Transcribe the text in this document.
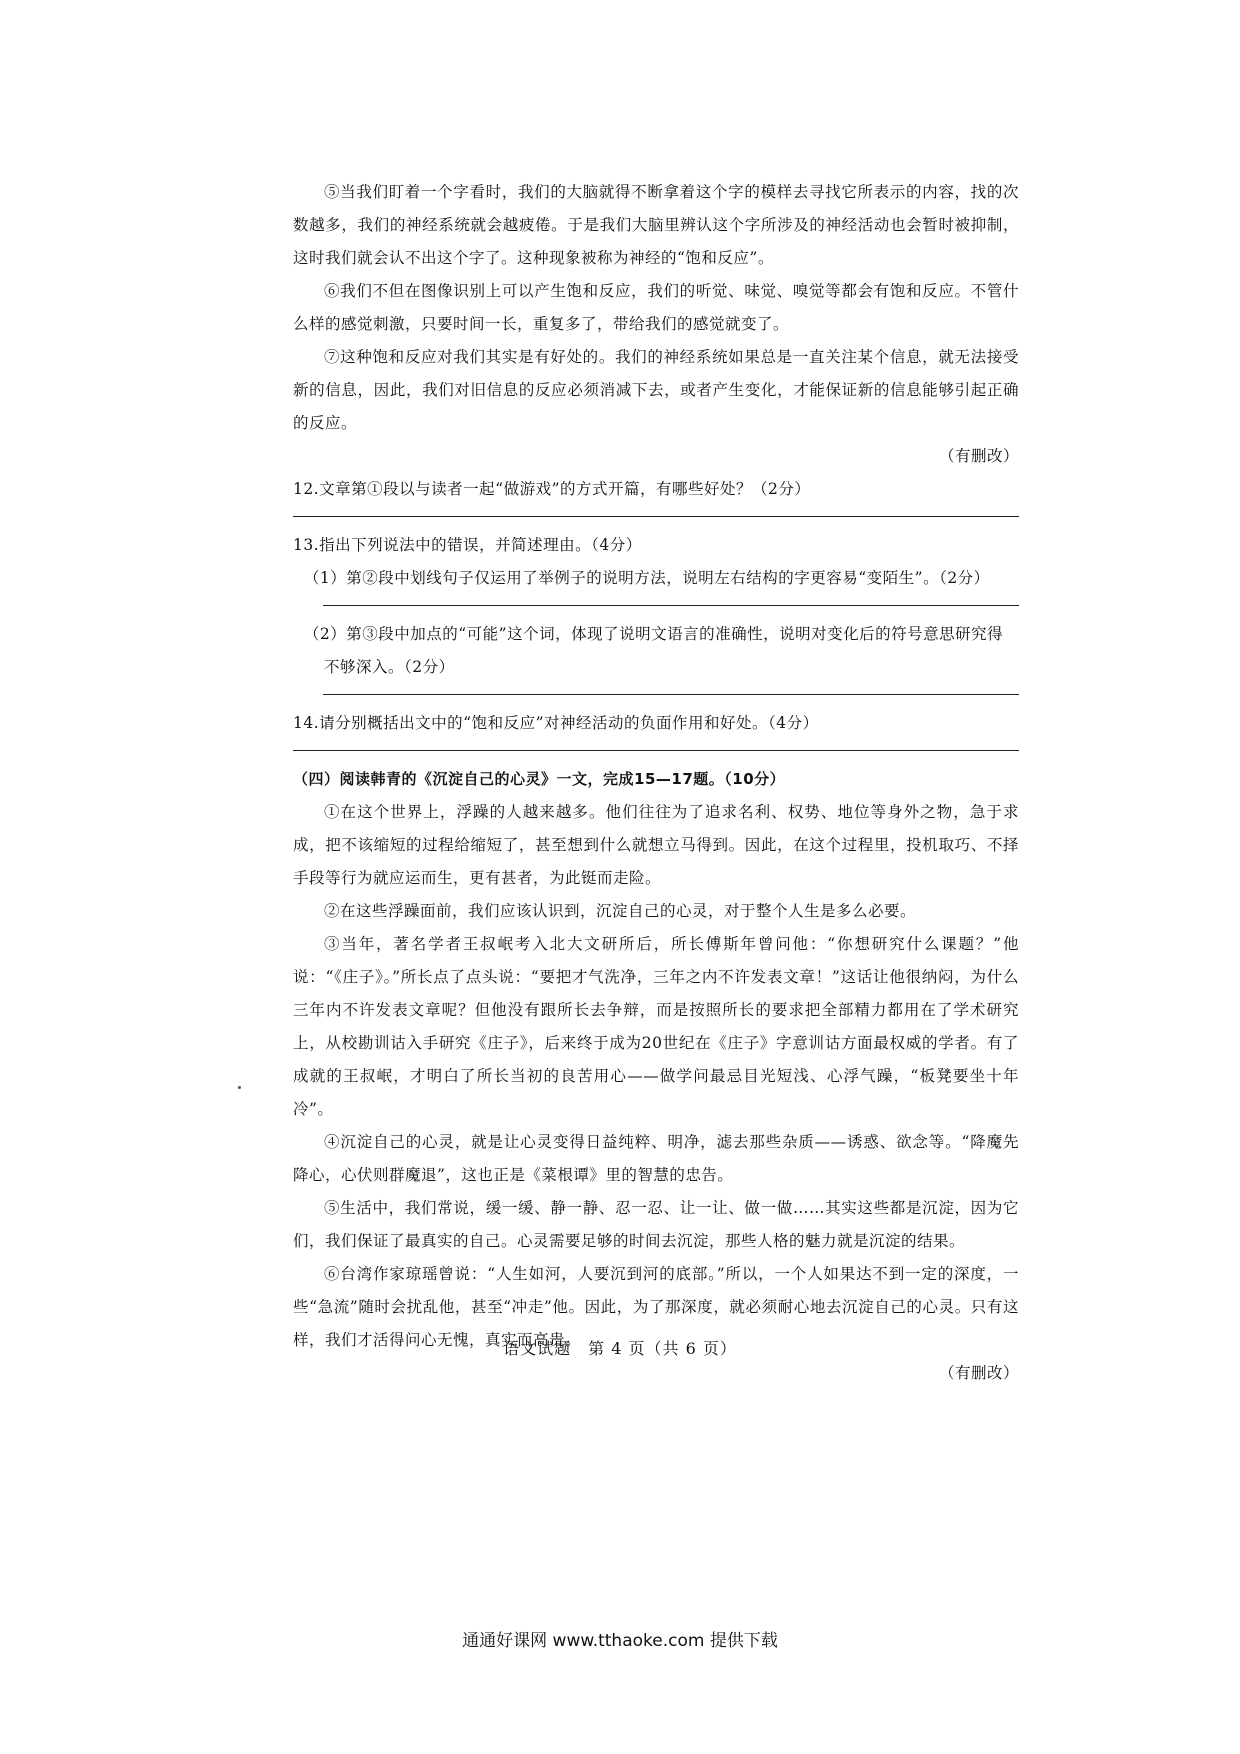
⑤当我们盯着一个字看时，我们的大脑就得不断拿着这个字的模样去寻找它所表示的内容，找的次数越多，我们的神经系统就会越疲倦。于是我们大脑里辨认这个字所涉及的神经活动也会暂时被抑制，这时我们就会认不出这个字了。这种现象被称为神经的“饱和反应”。

⑥我们不但在图像识别上可以产生饱和反应，我们的听觉、味觉、嗅觉等都会有饱和反应。不管什么样的感觉刺激，只要时间一长，重复多了，带给我们的感觉就变了。

⑦这种饱和反应对我们其实是有好处的。我们的神经系统如果总是一直关注某个信息，就无法接受新的信息，因此，我们对旧信息的反应必须消减下去，或者产生变化，才能保证新的信息能够引起正确的反应。

（有删改）

12.文章第①段以与读者一起“做游戏”的方式开篇，有哪些好处？（2分）

13.指出下列说法中的错误，并简述理由。（4分）

（1）第②段中划线句子仅运用了举例子的说明方法，说明左右结构的字更容易“变陌生”。（2分）

（2）第③段中加点的“可能”这个词，体现了说明文语言的准确性，说明对变化后的符号意思研究得不够深入。（2分）

14.请分别概括出文中的“饱和反应”对神经活动的负面作用和好处。（4分）

（四）阅读韩青的《沉淀自己的心灵》一文，完成15—17题。（10分）

①在这个世界上，浮躁的人越来越多。他们往往为了追求名利、权势、地位等身外之物，急于求成，把不该缩短的过程给缩短了，甚至想到什么就想立马得到。因此，在这个过程里，投机取巧、不择手段等行为就应运而生，更有甚者，为此铤而走险。

②在这些浮躁面前，我们应该认识到，沉淀自己的心灵，对于整个人生是多么必要。

③当年，著名学者王叔岷考入北大文研所后，所长傅斯年曾问他：“你想研究什么课题？”他说：“《庄子》。”所长点了点头说：“要把才气洗净，三年之内不许发表文章！”这话让他很纳闷，为什么三年内不许发表文章呢？但他没有跟所长去争辩，而是按照所长的要求把全部精力都用在了学术研究上，从校勘训诂入手研究《庄子》，后来终于成为20世纪在《庄子》字意训诂方面最权威的学者。有了成就的王叔岷，才明白了所长当初的良苦用心——做学问最忌目光短浅、心浮气躁，“板凳要坐十年冷”。

④沉淀自己的心灵，就是让心灵变得日益纯粹、明净，滤去那些杂质——诱惑、欲念等。“降魔先降心，心伏则群魔退”，这也正是《菜根谭》里的智慧的忠告。

⑤生活中，我们常说，缓一缓、静一静、忍一忍、让一让、做一做……其实这些都是沉淀，因为它们，我们保证了最真实的自己。心灵需要足够的时间去沉淀，那些人格的魅力就是沉淀的结果。

⑥台湾作家琼瑶曾说：“人生如河，人要沉到河的底部。”所以，一个人如果达不到一定的深度，一些“急流”随时会扰乱他，甚至“冲走”他。因此，为了那深度，就必须耐心地去沉淀自己的心灵。只有这样，我们才活得问心无愧，真实而高贵。

（有删改）
语文试题　第 4 页（共 6 页）
通通好课网 www.tthaoke.com 提供下载
